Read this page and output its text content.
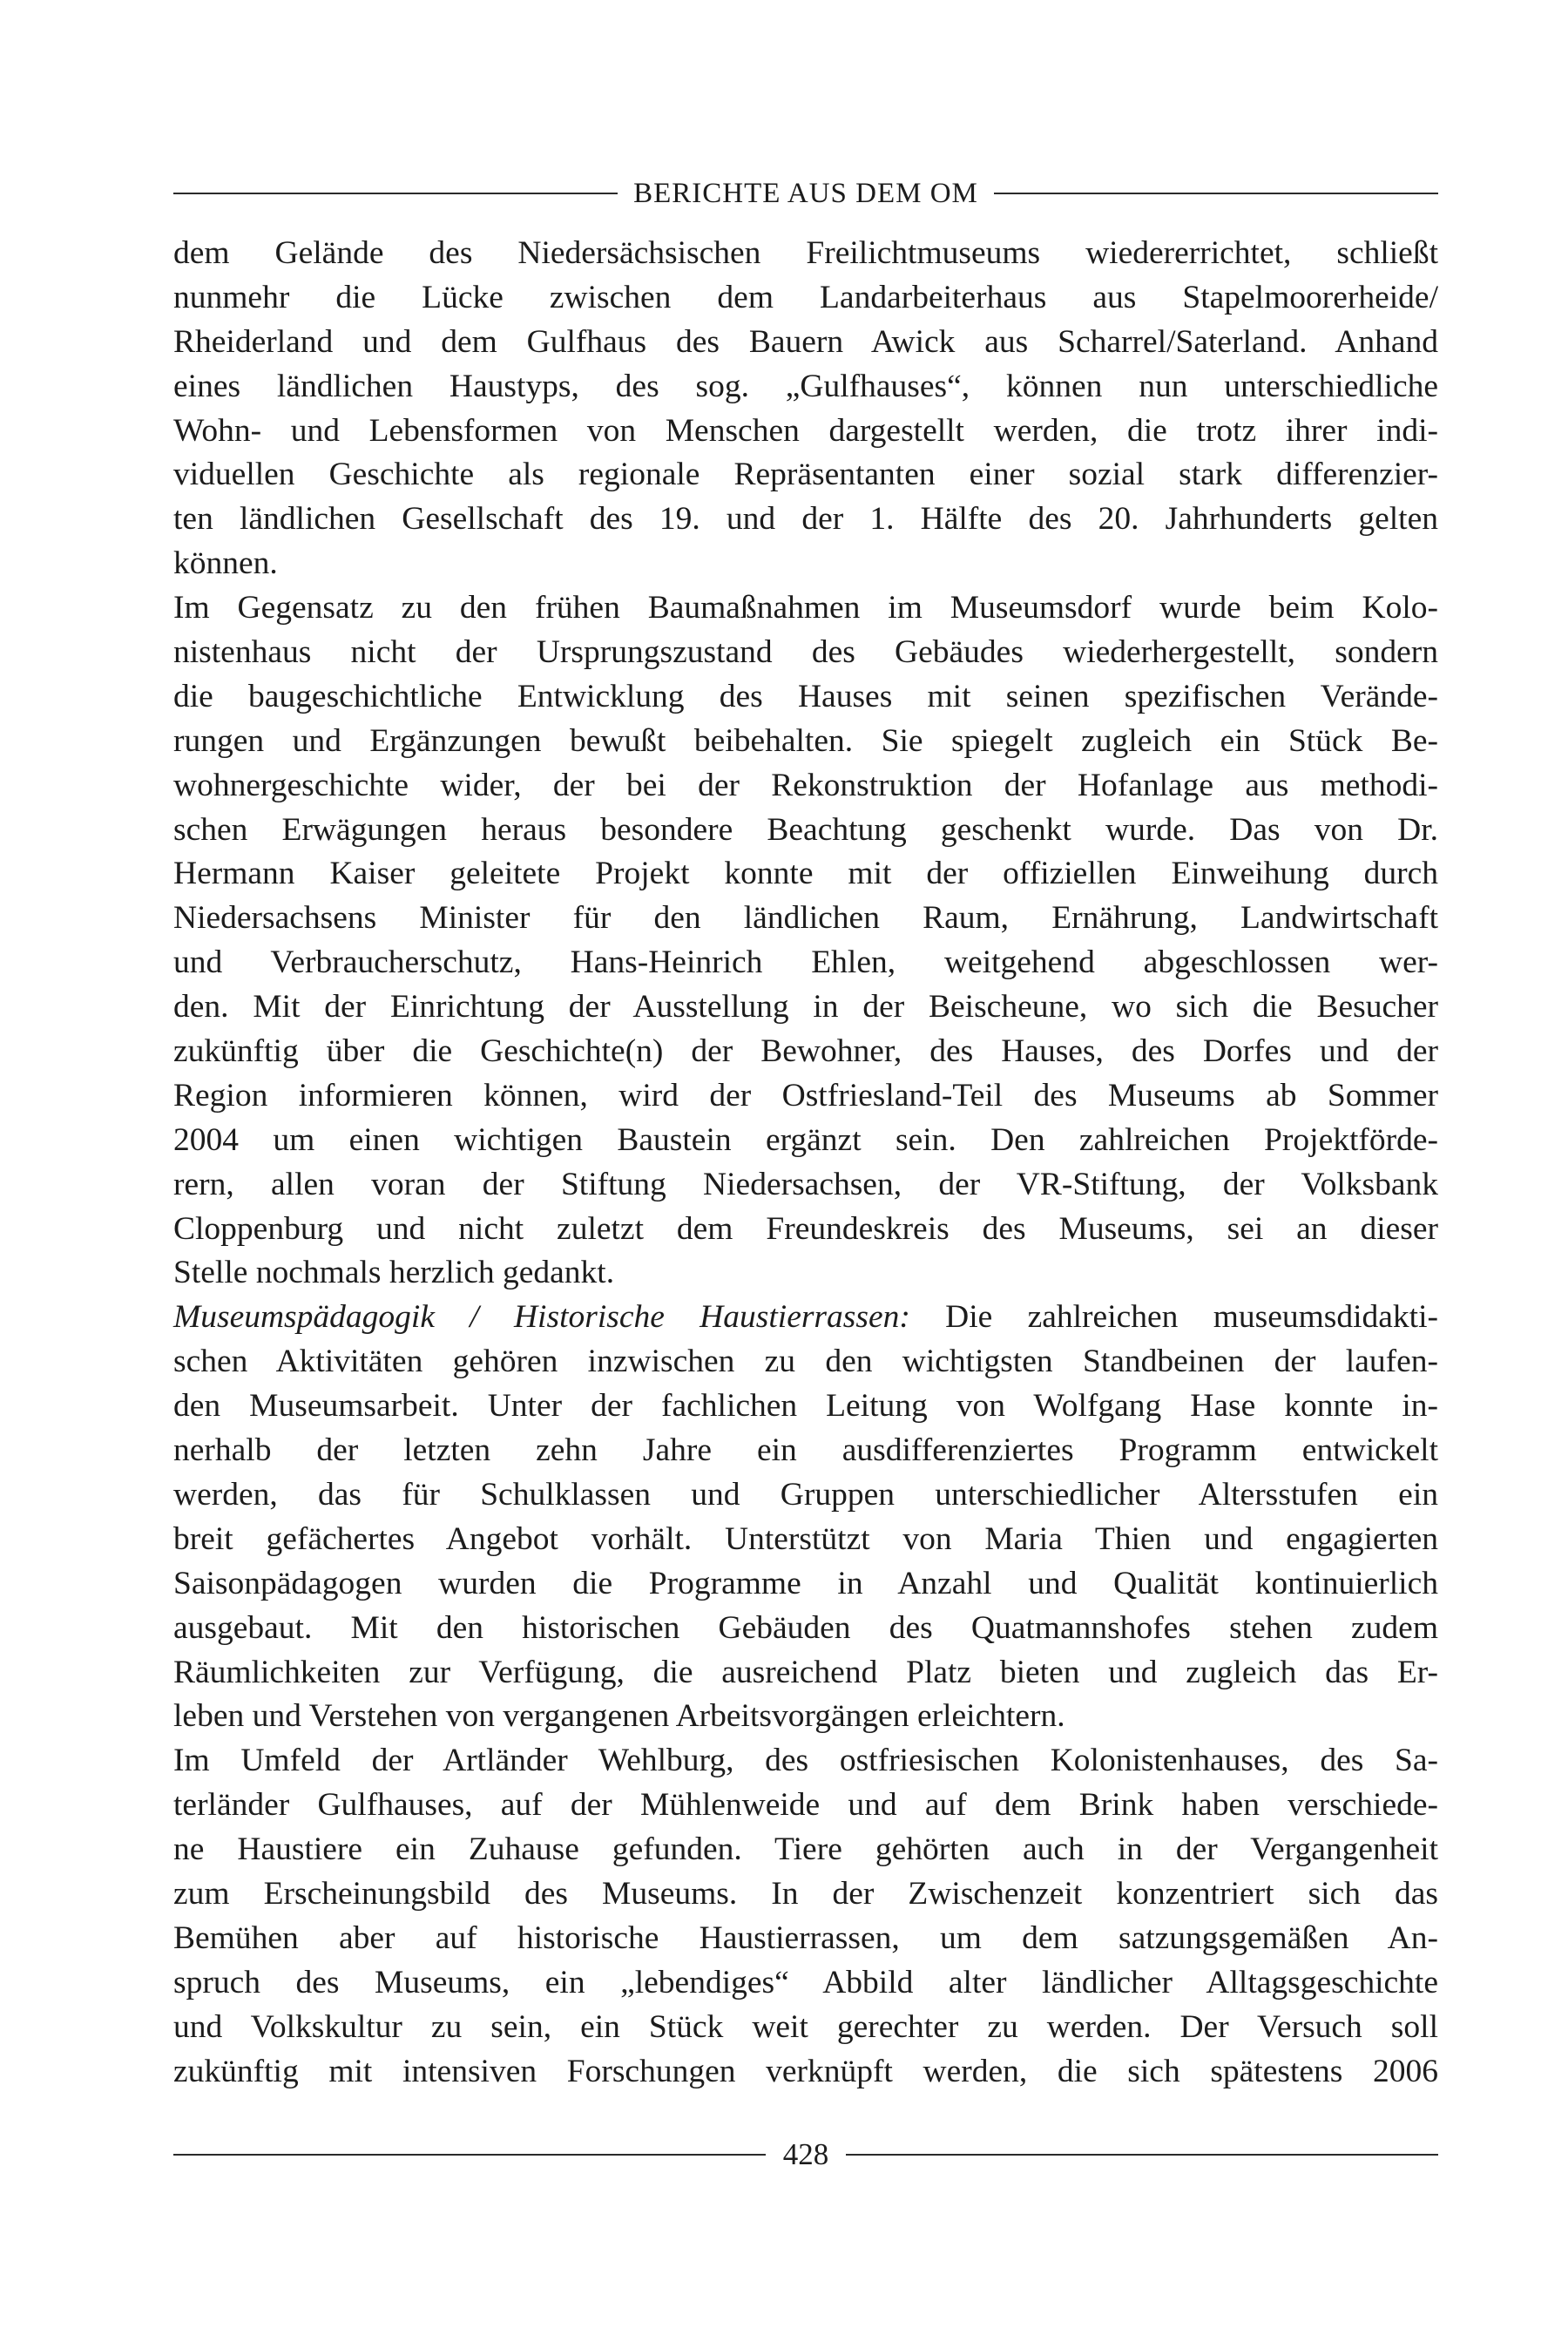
BERICHTE AUS DEM OM
dem Gelände des Niedersächsischen Freilichtmuseums wiedererrichtet, schließt
nunmehr die Lücke zwischen dem Landarbeiterhaus aus Stapelmoorerheide/
Rheiderland und dem Gulfhaus des Bauern Awick aus Scharrel/Saterland. Anhand
eines ländlichen Haustyps, des sog. „Gulfhauses“, können nun unterschiedliche
Wohn- und Lebensformen von Menschen dargestellt werden, die trotz ihrer indi-
viduellen Geschichte als regionale Repräsentanten einer sozial stark differenzier-
ten ländlichen Gesellschaft des 19. und der 1. Hälfte des 20. Jahrhunderts gelten
können.
Im Gegensatz zu den frühen Baumaßnahmen im Museumsdorf wurde beim Kolo-
nistenhaus nicht der Ursprungszustand des Gebäudes wiederhergestellt, sondern
die baugeschichtliche Entwicklung des Hauses mit seinen spezifischen Verände-
rungen und Ergänzungen bewußt beibehalten. Sie spiegelt zugleich ein Stück Be-
wohnergeschichte wider, der bei der Rekonstruktion der Hofanlage aus methodi-
schen Erwägungen heraus besondere Beachtung geschenkt wurde. Das von Dr.
Hermann Kaiser geleitete Projekt konnte mit der offiziellen Einweihung durch
Niedersachsens Minister für den ländlichen Raum, Ernährung, Landwirtschaft
und Verbraucherschutz, Hans-Heinrich Ehlen, weitgehend abgeschlossen wer-
den. Mit der Einrichtung der Ausstellung in der Beischeune, wo sich die Besucher
zukünftig über die Geschichte(n) der Bewohner, des Hauses, des Dorfes und der
Region informieren können, wird der Ostfriesland-Teil des Museums ab Sommer
2004 um einen wichtigen Baustein ergänzt sein. Den zahlreichen Projektförde-
rern, allen voran der Stiftung Niedersachsen, der VR-Stiftung, der Volksbank
Cloppenburg und nicht zuletzt dem Freundeskreis des Museums, sei an dieser
Stelle nochmals herzlich gedankt.
Museumspädagogik / Historische Haustierrassen: Die zahlreichen museumsdidakti-
schen Aktivitäten gehören inzwischen zu den wichtigsten Standbeinen der laufen-
den Museumsarbeit. Unter der fachlichen Leitung von Wolfgang Hase konnte in-
nerhalb der letzten zehn Jahre ein ausdifferenziertes Programm entwickelt
werden, das für Schulklassen und Gruppen unterschiedlicher Altersstufen ein
breit gefächertes Angebot vorhält. Unterstützt von Maria Thien und engagierten
Saisonpädagogen wurden die Programme in Anzahl und Qualität kontinuierlich
ausgebaut. Mit den historischen Gebäuden des Quatmannshofes stehen zudem
Räumlichkeiten zur Verfügung, die ausreichend Platz bieten und zugleich das Er-
leben und Verstehen von vergangenen Arbeitsvorgängen erleichtern.
Im Umfeld der Artländer Wehlburg, des ostfriesischen Kolonistenhauses, des Sa-
terländer Gulfhauses, auf der Mühlenweide und auf dem Brink haben verschiede-
ne Haustiere ein Zuhause gefunden. Tiere gehörten auch in der Vergangenheit
zum Erscheinungsbild des Museums. In der Zwischenzeit konzentriert sich das
Bemühen aber auf historische Haustierrassen, um dem satzungsgemäßen An-
spruch des Museums, ein „lebendiges“ Abbild alter ländlicher Alltagsgeschichte
und Volkskultur zu sein, ein Stück weit gerechter zu werden. Der Versuch soll
zukünftig mit intensiven Forschungen verknüpft werden, die sich spätestens 2006
428
